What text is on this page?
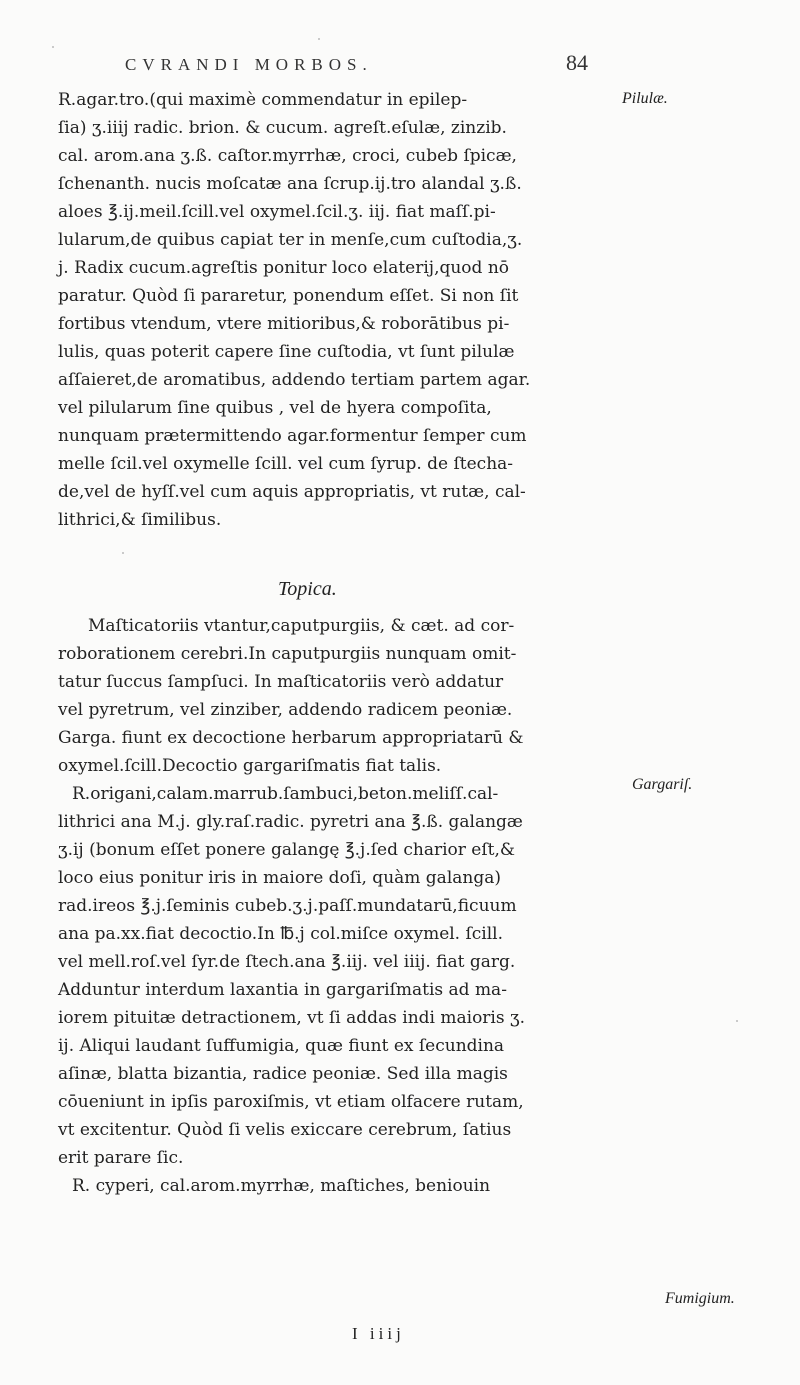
CVRANDI MORBOS.	84
R.agar.tro.(qui maximè commendatur in epilep-
ſia) ʒ.iiij radic. brion. & cucum. agreſt.eſulæ, zinzib.
cal. arom.ana ʒ.ß. caſtor.myrrhæ, croci, cubeb ſpicæ,
ſchenanth. nucis moſcatæ ana ſcrup.ij.tro alandal ʒ.ß.
aloes ℥.ij.meil.ſcill.vel oxymel.ſcil.ʒ. iij. fiat maſſ.pi-
lularum,de quibus capiat ter in menſe,cum cuſtodia,ʒ.
j. Radix cucum.agreſtis ponitur loco elaterij,quod nō
paratur. Quòd ſi pararetur, ponendum eſſet. Si non ſit
fortibus vtendum, vtere mitioribus,& roborātibus pi-
lulis, quas poterit capere ſine cuſtodia, vt ſunt pilulæ
aſſaieret,de aromatibus, addendo tertiam partem agar.
vel pilularum ſine quibus , vel de hyera compoſita,
nunquam prætermittendo agar.formentur ſemper cum
melle ſcil.vel oxymelle ſcill. vel cum ſyrup. de ſtecha-
de,vel de hyſſ.vel cum aquis appropriatis, vt rutæ, cal-
lithrici,& ſimilibus.
Pilulæ.
Topica.
Maſticatoriis vtantur,caputpurgiis, & cæt. ad cor-
roborationem cerebri.In caputpurgiis nunquam omit-
tatur ſuccus ſampſuci. In maſticatoriis verò addatur
vel pyretrum, vel zinziber, addendo radicem peoniæ.
Garga. fiunt ex decoctione herbarum appropriatarū &
oxymel.ſcill.Decoctio gargariſmatis fiat talis.
R.origani,calam.marrub.ſambuci,beton.meliſſ.cal-
lithrici ana M.j. gly.raſ.radic. pyretri ana ℥.ß. galangæ
ʒ.ij (bonum eſſet ponere galangę ℥.j.ſed charior eſt,&
loco eius ponitur iris in maiore doſi, quàm galanga)
rad.ireos ℥.j.ſeminis cubeb.ʒ.j.paſſ.mundatarū,ficuum
ana pa.xx.fiat decoctio.In ℔.j col.miſce oxymel. ſcill.
vel mell.roſ.vel ſyr.de ſtech.ana ℥.iij. vel iiij. fiat garg.
Adduntur interdum laxantia in gargariſmatis ad ma-
iorem pituitæ detractionem, vt ſi addas indi maioris ʒ.
ij. Aliqui laudant ſuffumigia, quæ fiunt ex ſecundina
aſinæ, blatta bizantia, radice peoniæ. Sed illa magis
cōueniunt in ipſis paroxiſmis, vt etiam olfacere rutam,
vt excitentur. Quòd ſi velis exiccare cerebrum, ſatius
erit parare ſic.
R. cyperi, cal.arom.myrrhæ, maſtiches, beniouin
Gargariſ.
Fumigium.
I iiij
